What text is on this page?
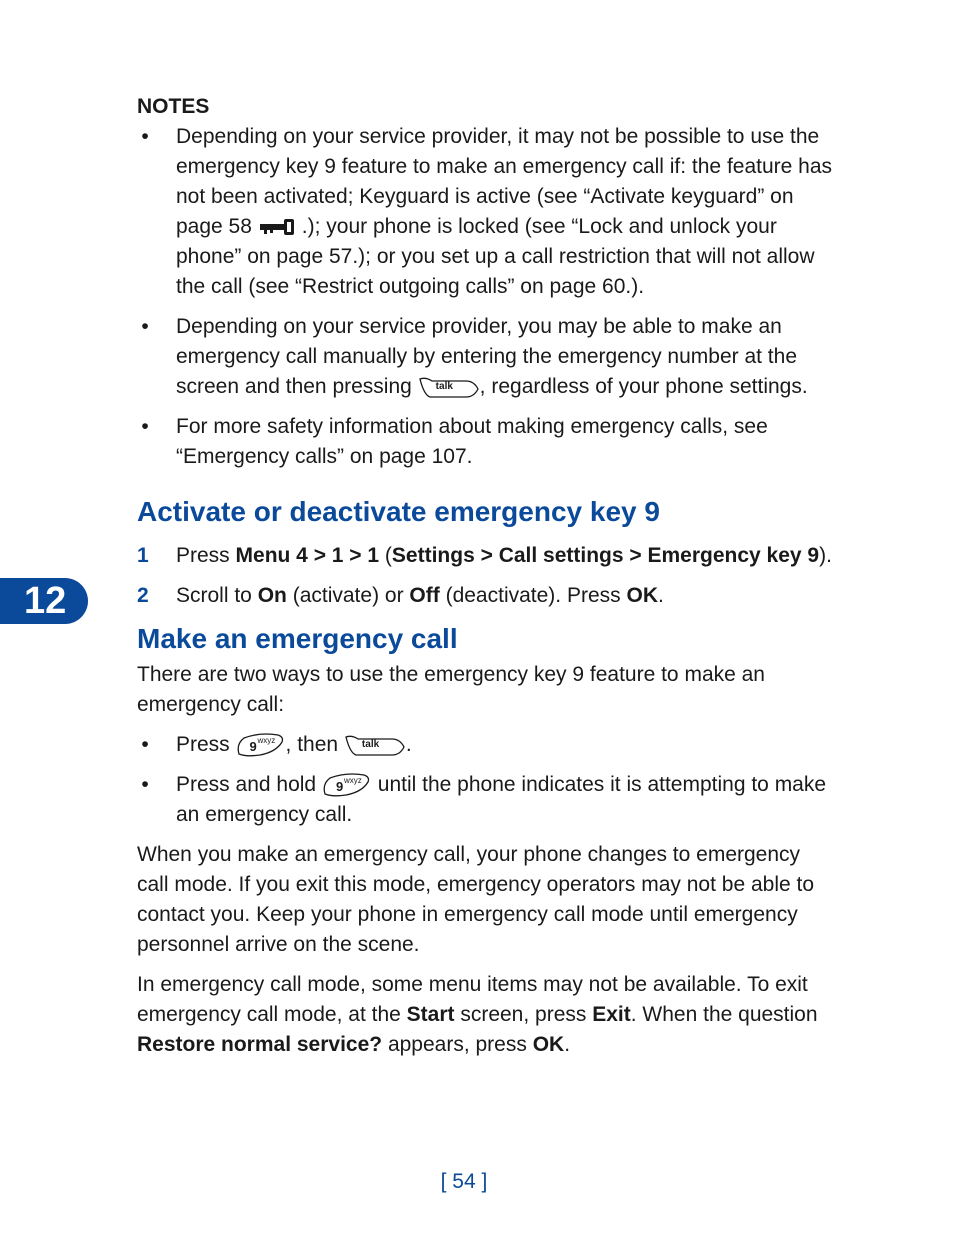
12

NOTES

• Depending on your service provider, it may not be possible to use the emergency key 9 feature to make an emergency call if: the feature has not been activated; Keyguard is active (see “Activate keyguard” on page 58 .); your phone is locked (see “Lock and unlock your phone” on page 57.); or you set up a call restriction that will not allow the call (see “Restrict outgoing calls” on page 60.).
• Depending on your service provider, you may be able to make an emergency call manually by entering the emergency number at the screen and then pressing talk , regardless of your phone settings.
• For more safety information about making emergency calls, see “Emergency calls” on page 107.
Activate or deactivate emergency key 9
1 Press Menu 4 > 1 > 1 (Settings > Call settings > Emergency key 9).
2 Scroll to On (activate) or Off (deactivate). Press OK.
Make an emergency call

There are two ways to use the emergency key 9 feature to make an emergency call:

• Press 9 wxyz , then talk .
• Press and hold 9 wxyz until the phone indicates it is attempting to make an emergency call.

When you make an emergency call, your phone changes to emergency call mode. If you exit this mode, emergency operators may not be able to contact you. Keep your phone in emergency call mode until emergency personnel arrive on the scene.

In emergency call mode, some menu items may not be available. To exit emergency call mode, at the Start screen, press Exit. When the question Restore normal service? appears, press OK.

[ 54 ]
